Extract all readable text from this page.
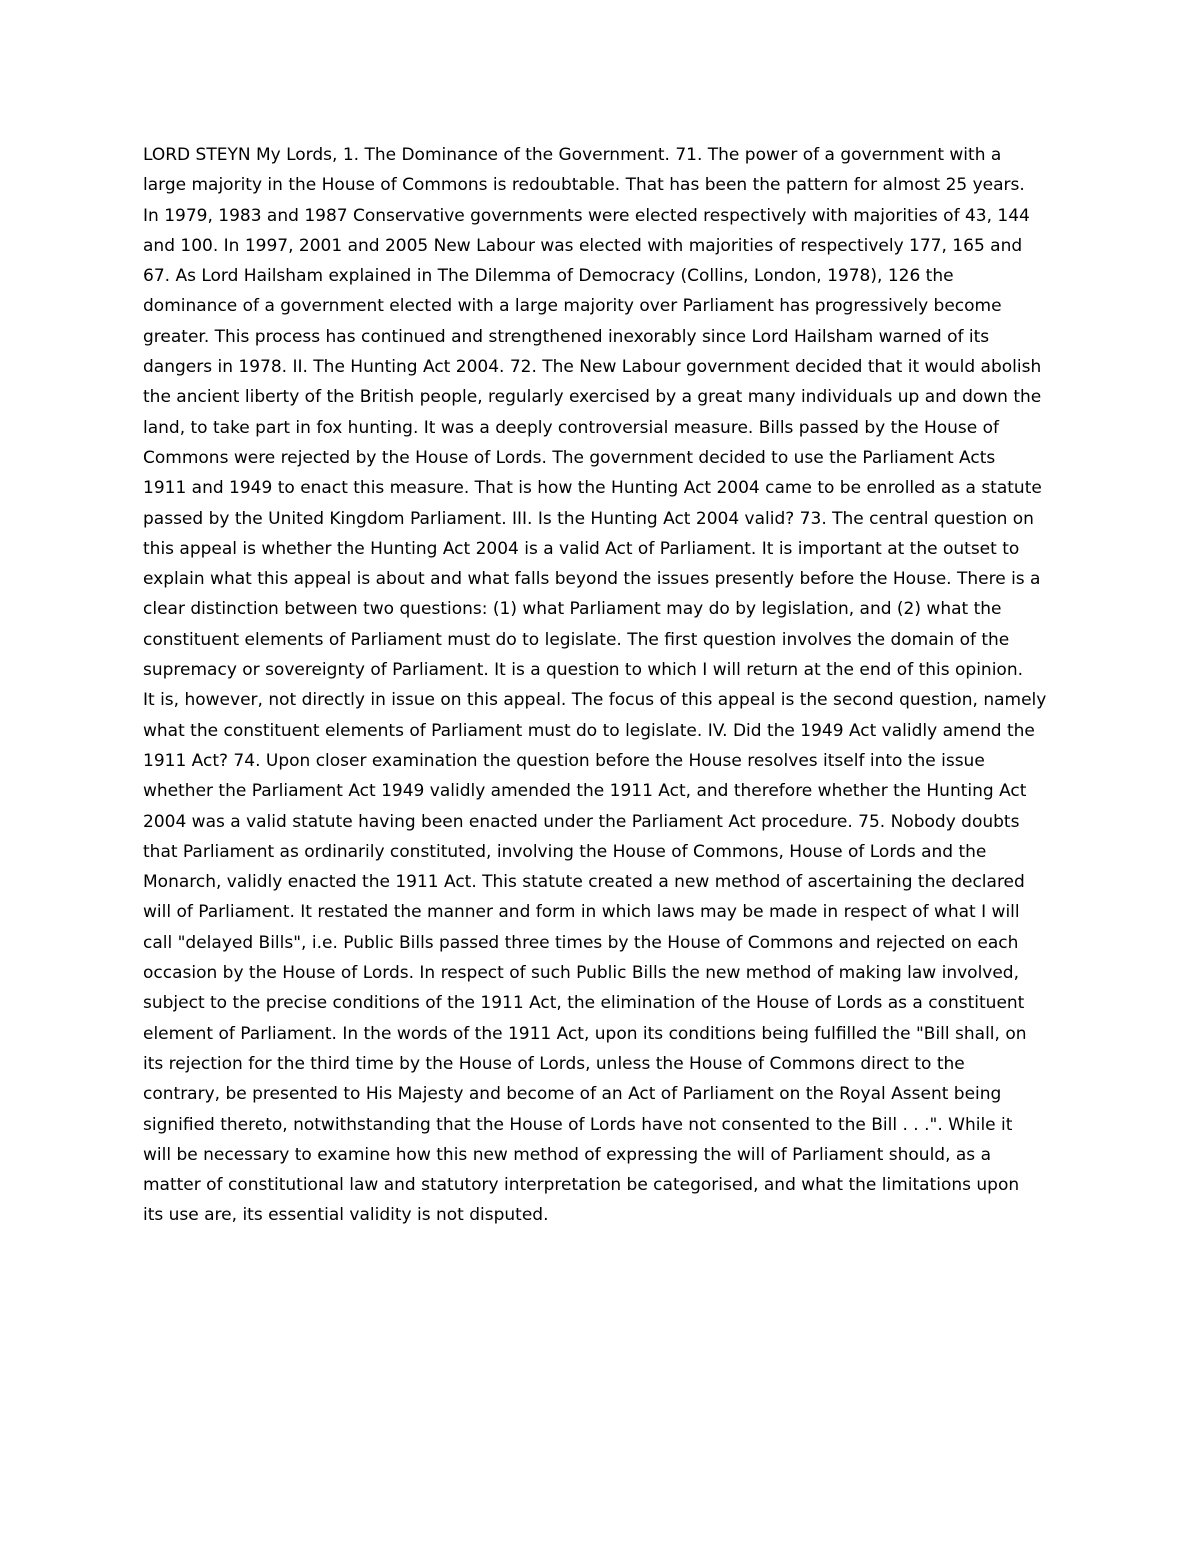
LORD STEYN My Lords, 1. The Dominance of the Government. 71. The power of a government with a
large majority in the House of Commons is redoubtable. That has been the pattern for almost 25 years.
In 1979, 1983 and 1987 Conservative governments were elected respectively with majorities of 43, 144
and 100. In 1997, 2001 and 2005 New Labour was elected with majorities of respectively 177, 165 and
67. As Lord Hailsham explained in The Dilemma of Democracy (Collins, London, 1978), 126 the
dominance of a government elected with a large majority over Parliament has progressively become
greater. This process has continued and strengthened inexorably since Lord Hailsham warned of its
dangers in 1978. II. The Hunting Act 2004. 72. The New Labour government decided that it would abolish
the ancient liberty of the British people, regularly exercised by a great many individuals up and down the
land, to take part in fox hunting. It was a deeply controversial measure. Bills passed by the House of
Commons were rejected by the House of Lords. The government decided to use the Parliament Acts
1911 and 1949 to enact this measure. That is how the Hunting Act 2004 came to be enrolled as a statute
passed by the United Kingdom Parliament. III. Is the Hunting Act 2004 valid? 73. The central question on
this appeal is whether the Hunting Act 2004 is a valid Act of Parliament. It is important at the outset to
explain what this appeal is about and what falls beyond the issues presently before the House. There is a
clear distinction between two questions: (1) what Parliament may do by legislation, and (2) what the
constituent elements of Parliament must do to legislate. The first question involves the domain of the
supremacy or sovereignty of Parliament. It is a question to which I will return at the end of this opinion.
It is, however, not directly in issue on this appeal. The focus of this appeal is the second question, namely
what the constituent elements of Parliament must do to legislate. IV. Did the 1949 Act validly amend the
1911 Act? 74. Upon closer examination the question before the House resolves itself into the issue
whether the Parliament Act 1949 validly amended the 1911 Act, and therefore whether the Hunting Act
2004 was a valid statute having been enacted under the Parliament Act procedure. 75. Nobody doubts
that Parliament as ordinarily constituted, involving the House of Commons, House of Lords and the
Monarch, validly enacted the 1911 Act. This statute created a new method of ascertaining the declared
will of Parliament. It restated the manner and form in which laws may be made in respect of what I will
call "delayed Bills", i.e. Public Bills passed three times by the House of Commons and rejected on each
occasion by the House of Lords. In respect of such Public Bills the new method of making law involved,
subject to the precise conditions of the 1911 Act, the elimination of the House of Lords as a constituent
element of Parliament. In the words of the 1911 Act, upon its conditions being fulfilled the "Bill shall, on
its rejection for the third time by the House of Lords, unless the House of Commons direct to the
contrary, be presented to His Majesty and become of an Act of Parliament on the Royal Assent being
signified thereto, notwithstanding that the House of Lords have not consented to the Bill . . .". While it
will be necessary to examine how this new method of expressing the will of Parliament should, as a
matter of constitutional law and statutory interpretation be categorised, and what the limitations upon
its use are, its essential validity is not disputed.
